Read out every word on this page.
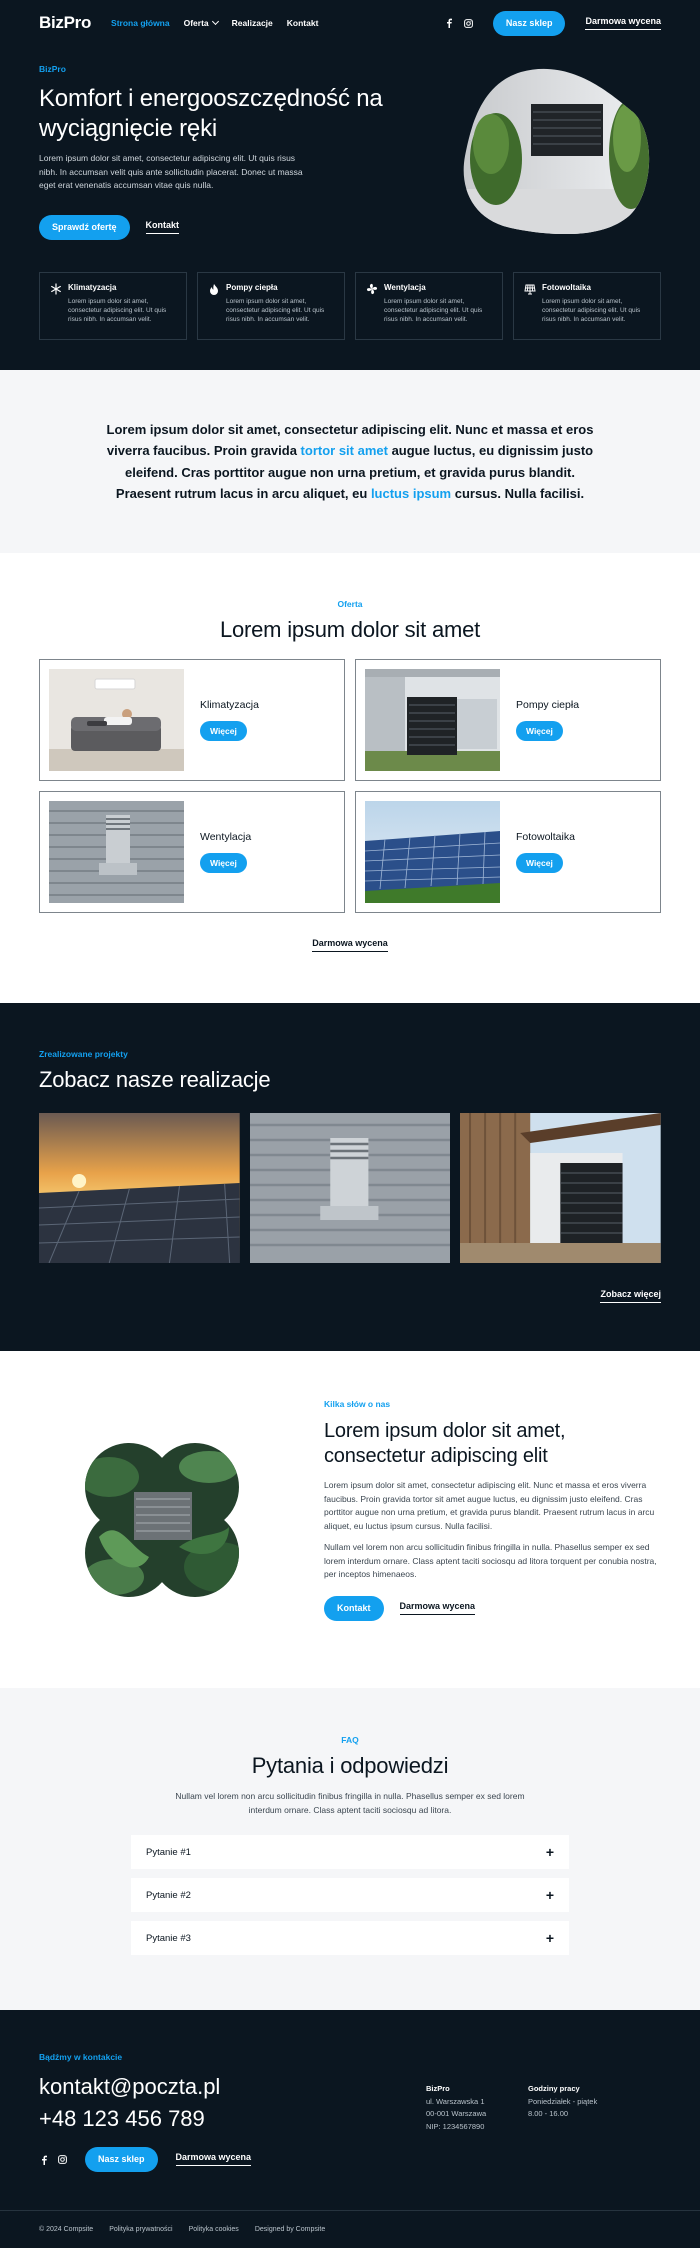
BizPro Strona główna Oferta	Realizacje Kontakt	Nasz sklep	Darmowa wycena
BizPro
Komfort i energooszczędność na wyciągnięcie ręki

Lorem ipsum dolor sit amet, consectetur adipiscing elit. Ut quis risus nibh. In accumsan velit quis ante sollicitudin placerat. Donec ut massa eget erat venenatis accumsan vitae quis nulla.

Sprawdź ofertę	Kontakt
Klimatyzacja

Lorem ipsum dolor sit amet, consectetur adipiscing elit. Ut quis risus nibh. In accumsan velit.

Pompy ciepła

Lorem ipsum dolor sit amet, consectetur adipiscing elit. Ut quis risus nibh. In accumsan velit.

Wentylacja

Lorem ipsum dolor sit amet, consectetur adipiscing elit. Ut quis risus nibh. In accumsan velit.

Fotowoltaika

Lorem ipsum dolor sit amet, consectetur adipiscing elit. Ut quis risus nibh. In accumsan velit.

Lorem ipsum dolor sit amet, consectetur adipiscing elit. Nunc et massa et eros viverra faucibus. Proin gravida tortor sit amet augue luctus, eu dignissim justo eleifend. Cras porttitor augue non urna pretium, et gravida purus blandit. Praesent rutrum lacus in arcu aliquet, eu luctus ipsum cursus. Nulla facilisi.

Oferta
Lorem ipsum dolor sit amet
Klimatyzacja
Więcej
Pompy ciepła
Więcej
Wentylacja
Więcej
Fotowoltaika
Więcej
Darmowa wycena
Zrealizowane projekty
Zobacz nasze realizacje
Zobacz więcej
Kilka słów o nas
Lorem ipsum dolor sit amet, consectetur adipiscing elit

Lorem ipsum dolor sit amet, consectetur adipiscing elit. Nunc et massa et eros viverra faucibus. Proin gravida tortor sit amet augue luctus, eu dignissim justo eleifend. Cras porttitor augue non urna pretium, et gravida purus blandit. Praesent rutrum lacus in arcu aliquet, eu luctus ipsum cursus. Nulla facilisi.

Nullam vel lorem non arcu sollicitudin finibus fringilla in nulla. Phasellus semper ex sed lorem interdum ornare. Class aptent taciti sociosqu ad litora torquent per conubia nostra, per inceptos himenaeos.

Kontakt	Darmowa wycena
FAQ
Pytania i odpowiedzi

Nullam vel lorem non arcu sollicitudin finibus fringilla in nulla. Phasellus semper ex sed lorem interdum ornare. Class aptent taciti sociosqu ad litora.

Pytanie #1	+
Pytanie #2	+
Pytanie #3	+
Bądźmy w kontakcie
kontakt@poczta.pl
+48 123 456 789
Nasz sklep	Darmowa wycena
BizPro
ul. Warszawska 1
00-001 Warszawa
NIP: 1234567890
Godziny pracy
Poniedziałek - piątek
8.00 - 16.00
© 2024 Compsite Polityka prywatności Polityka cookies Designed by Compsite
